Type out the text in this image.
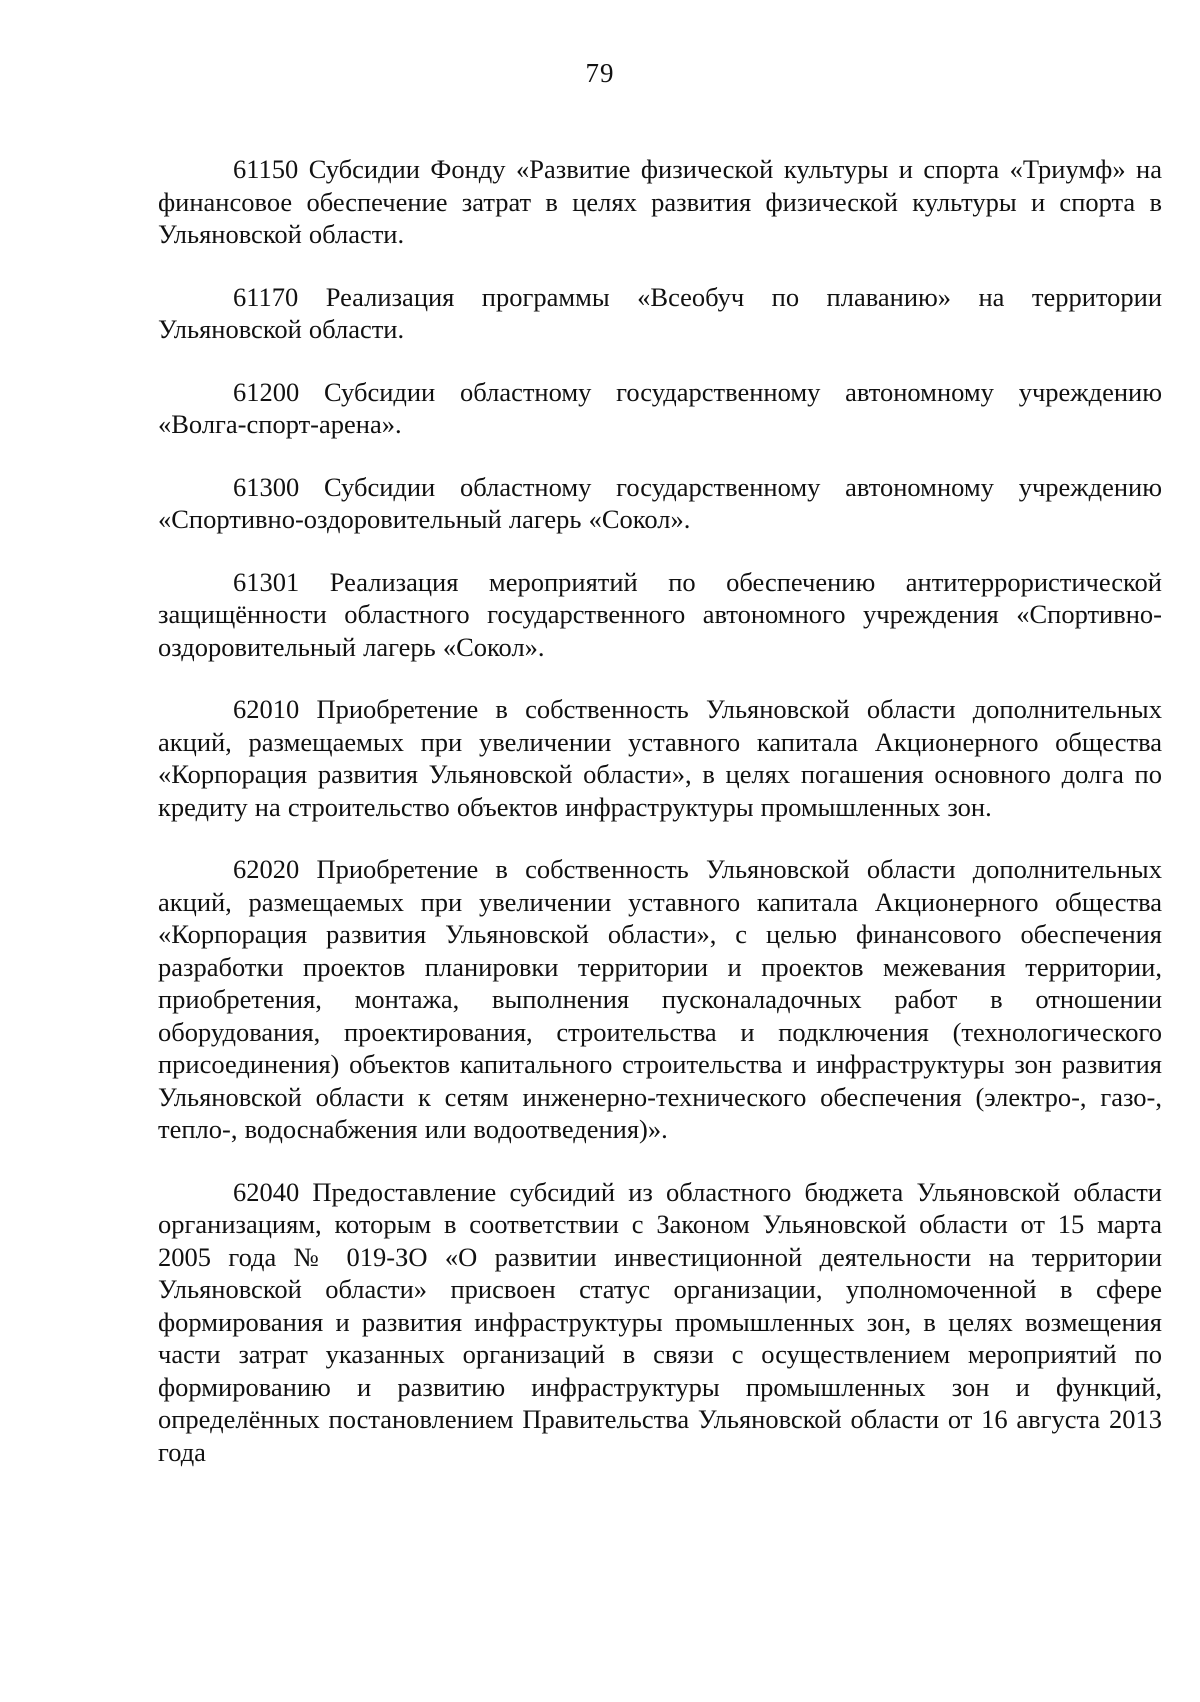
79

61150 Субсидии Фонду «Развитие физической культуры и спорта «Триумф» на финансовое обеспечение затрат в целях развития физической культуры и спорта в Ульяновской области.

61170 Реализация программы «Всеобуч по плаванию» на территории Ульяновской области.

61200 Субсидии областному государственному автономному учреждению «Волга-спорт-арена».

61300 Субсидии областному государственному автономному учреждению «Спортивно-оздоровительный лагерь «Сокол».

61301 Реализация мероприятий по обеспечению антитеррористической защищённости областного государственного автономного учреждения «Спортивно-оздоровительный лагерь «Сокол».

62010 Приобретение в собственность Ульяновской области дополнительных акций, размещаемых при увеличении уставного капитала Акционерного общества «Корпорация развития Ульяновской области», в целях погашения основного долга по кредиту на строительство объектов инфраструктуры промышленных зон.

62020 Приобретение в собственность Ульяновской области дополнительных акций, размещаемых при увеличении уставного капитала Акционерного общества «Корпорация развития Ульяновской области», с целью финансового обеспечения разработки проектов планировки территории и проектов межевания территории, приобретения, монтажа, выполнения пусконаладочных работ в отношении оборудования, проектирования, строительства и подключения (технологического присоединения) объектов капитального строительства и инфраструктуры зон развития Ульяновской области к сетям инженерно-технического обеспечения (электро-, газо-, тепло-, водоснабжения или водоотведения)».

62040 Предоставление субсидий из областного бюджета Ульяновской области организациям, которым в соответствии с Законом Ульяновской области от 15 марта 2005 года № 019-ЗО «О развитии инвестиционной деятельности на территории Ульяновской области» присвоен статус организации, уполномоченной в сфере формирования и развития инфраструктуры промышленных зон, в целях возмещения части затрат указанных организаций в связи с осуществлением мероприятий по формированию и развитию инфраструктуры промышленных зон и функций, определённых постановлением Правительства Ульяновской области от 16 августа 2013 года
